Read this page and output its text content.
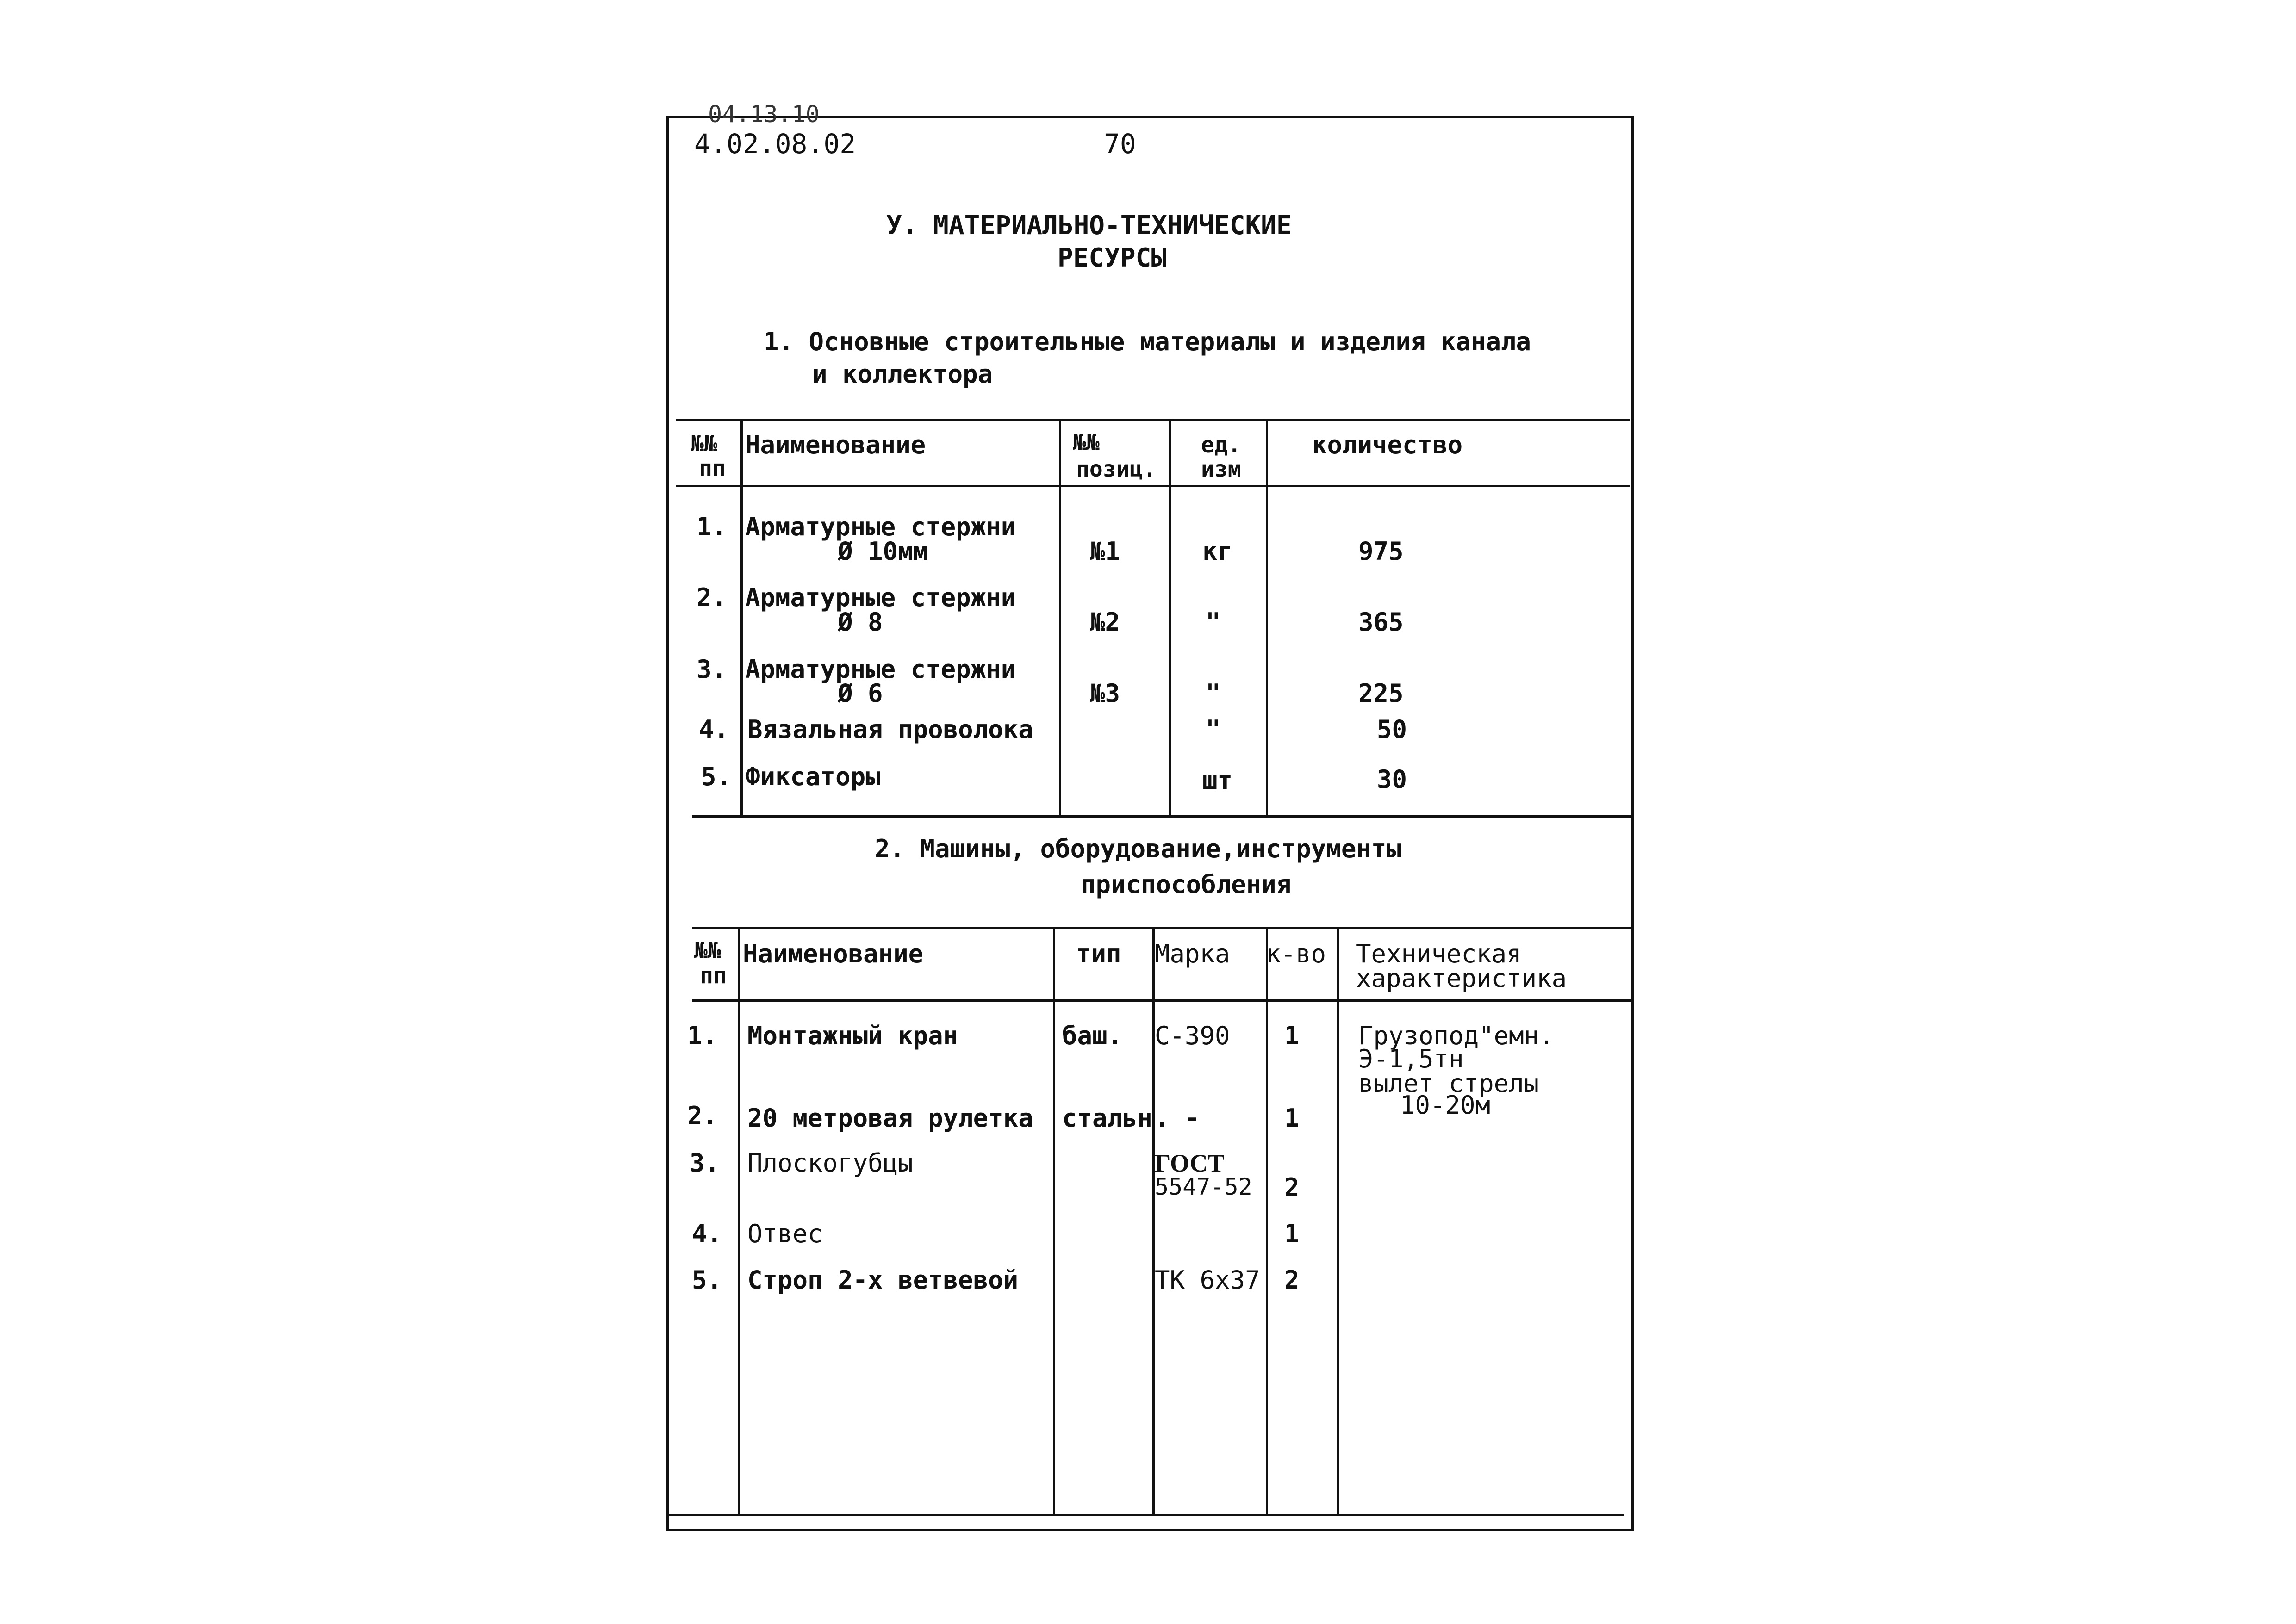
04.13.10
4.02.08.02	70
У. МАТЕРИАЛЬНО-ТЕХНИЧЕСКИЕ
РЕСУРСЫ
1. Основные строительные материалы и изделия канала
и коллектора
№№
пп
Наименование	№№
позиц.
ед.
изм
количество
1. Арматурные стержни
Ø 10мм	№1	кг	975
2. Арматурные стержни
Ø 8	№2	"	365
3. Арматурные стержни
Ø 6	№3	"	225
4. Вязальная проволока	"	50
5. Фиксаторы	шт	30
2. Машины, оборудование,инструменты
приспособления
№№
пп
Наименование	тип Марка к-во Техническая
характеристика
1. Монтажный кран	баш. С-390 1 Грузопод"емн.
Э-1,5тн
вылет стрелы
10-20м
2. 20 метровая рулетка стальн . -	1
3. Плоскогубцы	ГОСТ
5547-52 2
4. Отвес	1
5. Строп 2-х ветвевой	ТК 6х37 2
